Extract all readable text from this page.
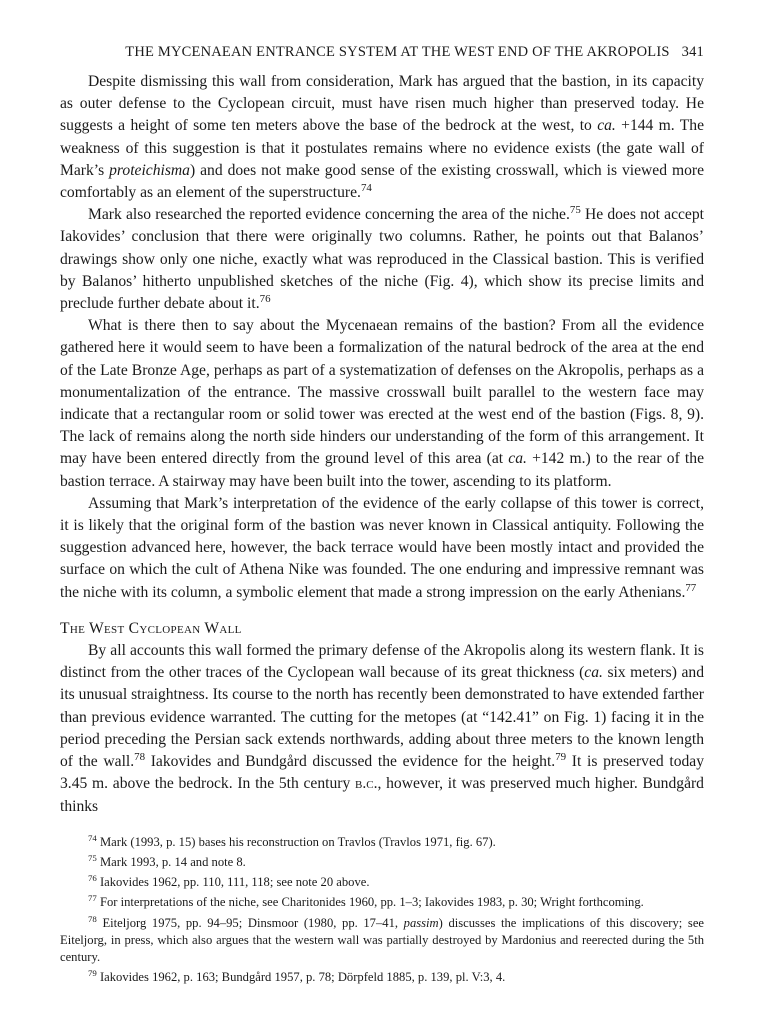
THE MYCENAEAN ENTRANCE SYSTEM AT THE WEST END OF THE AKROPOLIS 341

Despite dismissing this wall from consideration, Mark has argued that the bastion, in its capacity as outer defense to the Cyclopean circuit, must have risen much higher than preserved today. He suggests a height of some ten meters above the base of the bedrock at the west, to ca. +144 m. The weakness of this suggestion is that it postulates remains where no evidence exists (the gate wall of Mark’s proteichisma) and does not make good sense of the existing crosswall, which is viewed more comfortably as an element of the superstructure.$^{74}$

Mark also researched the reported evidence concerning the area of the niche.$^{75}$ He does not accept Iakovides’ conclusion that there were originally two columns. Rather, he points out that Balanos’ drawings show only one niche, exactly what was reproduced in the Classical bastion. This is verified by Balanos’ hitherto unpublished sketches of the niche (Fig. 4), which show its precise limits and preclude further debate about it.$^{76}$

What is there then to say about the Mycenaean remains of the bastion? From all the evidence gathered here it would seem to have been a formalization of the natural bedrock of the area at the end of the Late Bronze Age, perhaps as part of a systematization of defenses on the Akropolis, perhaps as a monumentalization of the entrance. The massive crosswall built parallel to the western face may indicate that a rectangular room or solid tower was erected at the west end of the bastion (Figs. 8, 9). The lack of remains along the north side hinders our understanding of the form of this arrangement. It may have been entered directly from the ground level of this area (at ca. +142 m.) to the rear of the bastion terrace. A stairway may have been built into the tower, ascending to its platform.

Assuming that Mark’s interpretation of the evidence of the early collapse of this tower is correct, it is likely that the original form of the bastion was never known in Classical antiquity. Following the suggestion advanced here, however, the back terrace would have been mostly intact and provided the surface on which the cult of Athena Nike was founded. The one enduring and impressive remnant was the niche with its column, a symbolic element that made a strong impression on the early Athenians.$^{77}$

The West Cyclopean Wall

By all accounts this wall formed the primary defense of the Akropolis along its western flank. It is distinct from the other traces of the Cyclopean wall because of its great thickness (ca. six meters) and its unusual straightness. Its course to the north has recently been demonstrated to have extended farther than previous evidence warranted. The cutting for the metopes (at “142.41” on Fig. 1) facing it in the period preceding the Persian sack extends northwards, adding about three meters to the known length of the wall.$^{78}$ Iakovides and Bundgård discussed the evidence for the height.$^{79}$ It is preserved today 3.45 m. above the bedrock. In the 5th century b.c., however, it was preserved much higher. Bundgård thinks

$^{74}$ Mark (1993, p. 15) bases his reconstruction on Travlos (Travlos 1971, fig. 67).

$^{75}$ Mark 1993, p. 14 and note 8.

$^{76}$ Iakovides 1962, pp. 110, 111, 118; see note 20 above.

$^{77}$ For interpretations of the niche, see Charitonides 1960, pp. 1–3; Iakovides 1983, p. 30; Wright forthcoming.

$^{78}$ Eiteljorg 1975, pp. 94–95; Dinsmoor (1980, pp. 17–41, passim) discusses the implications of this discovery; see Eiteljorg, in press, which also argues that the western wall was partially destroyed by Mardonius and reerected during the 5th century.

$^{79}$ Iakovides 1962, p. 163; Bundgård 1957, p. 78; Dörpfeld 1885, p. 139, pl. V:3, 4.
